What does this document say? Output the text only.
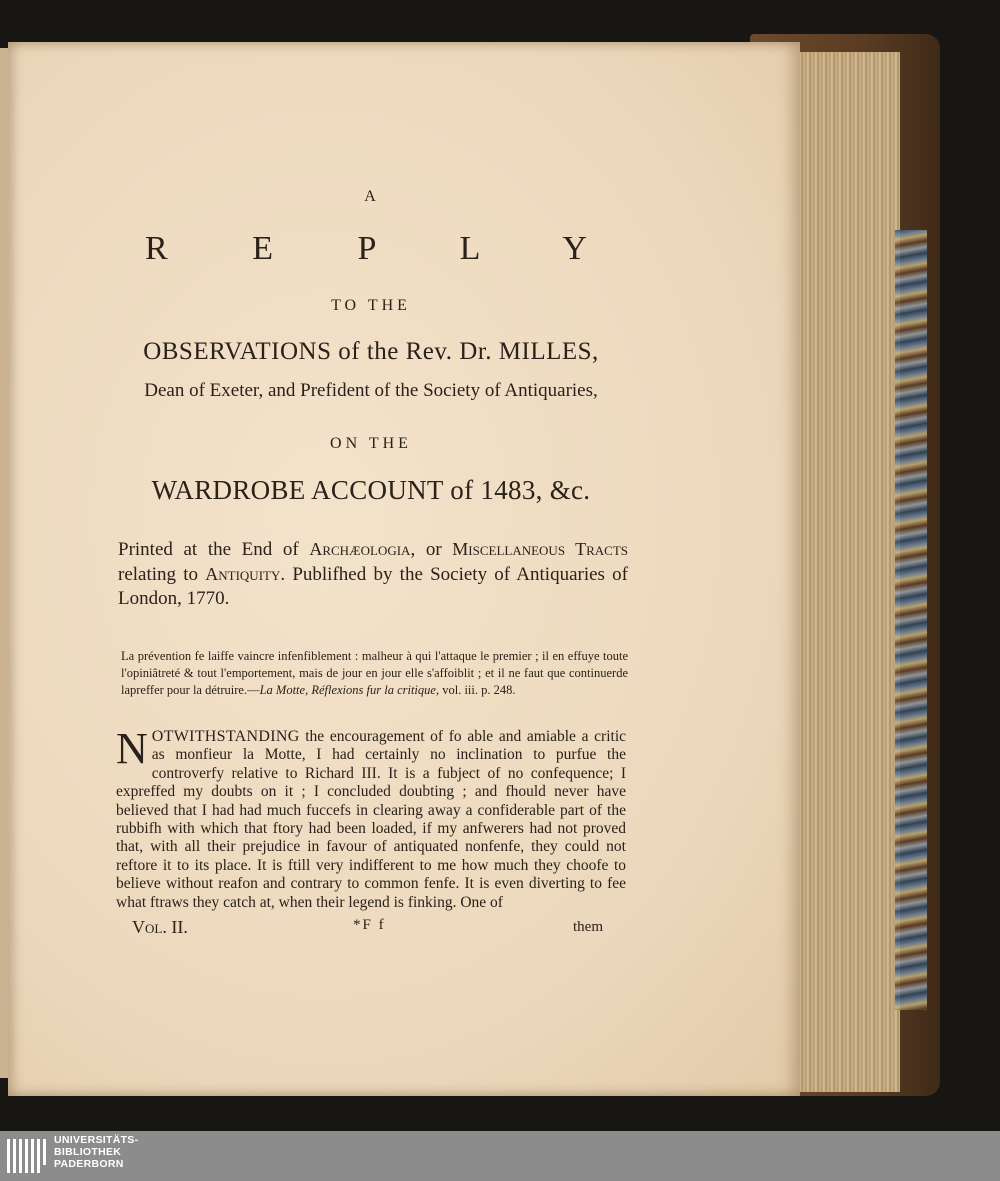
A
R E P L Y
TO THE
OBSERVATIONS of the Rev. Dr. MILLES,
Dean of Exeter, and Prefident of the Society of Antiquaries,
ON THE
WARDROBE ACCOUNT of 1483, &c.
Printed at the End of Archæologia, or Miscellaneous Tracts relating to Antiquity. Publifhed by the Society of Antiquaries of London, 1770.
La prévention fe laiffe vaincre infenfiblement : malheur à qui l'attaque le premier ; il en effuye toute l'opiniâtreté & tout l'emportement, mais de jour en jour elle s'affoiblit ; et il ne faut que continuerde lapreffer pour la détruire.—La Motte, Réflexions fur la critique, vol. iii. p. 248.
NOTWITHSTANDING the encouragement of fo able and amiable a critic as monfieur la Motte, I had certainly no inclination to purfue the controverfy relative to Richard III. It is a fubject of no confequence; I expreffed my doubts on it ; I concluded doubting ; and fhould never have believed that I had had much fuccefs in clearing away a confiderable part of the rubbifh with which that ftory had been loaded, if my anfwerers had not proved that, with all their prejudice in favour of antiquated nonfenfe, they could not reftore it to its place. It is ftill very indifferent to me how much they choofe to believe without reafon and contrary to common fenfe. It is even diverting to fee what ftraws they catch at, when their legend is finking. One of
Vol. II.	*F f	them
UNIVERSITÄTS-
BIBLIOTHEK
PADERBORN
